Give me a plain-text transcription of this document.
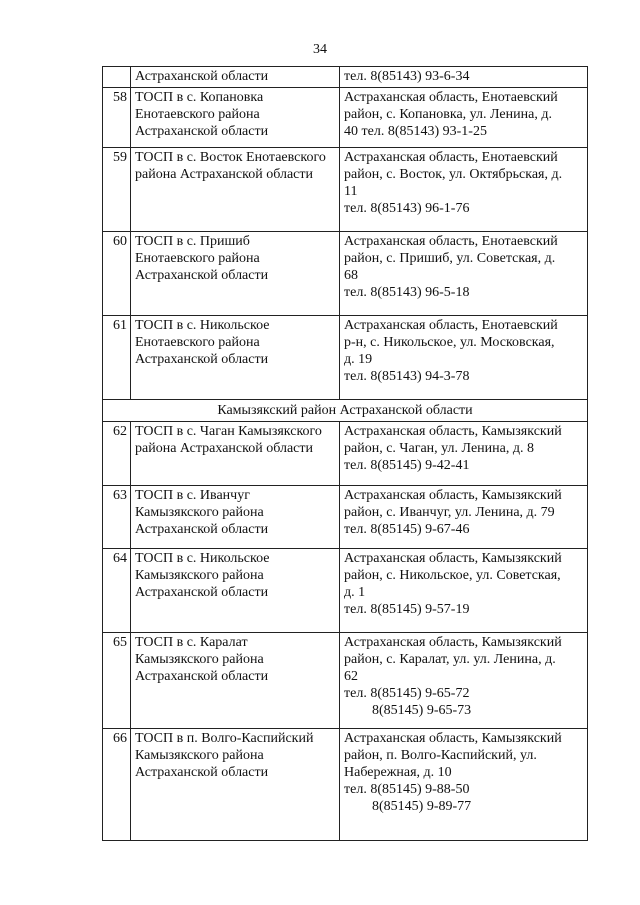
34

	Астраханской области	тел. 8(85143) 93-6-34

58	ТОСП в с. Копановка
Енотаевского района
Астраханской области	Астраханская область, Енотаевский
район, с. Копановка, ул. Ленина, д.
40 тел. 8(85143) 93-1-25

59	ТОСП в с. Восток Енотаевского
района Астраханской области	Астраханская область, Енотаевский
район, с. Восток, ул. Октябрьская, д.
11
тел. 8(85143) 96-1-76

60	ТОСП в с. Пришиб
Енотаевского района
Астраханской области	Астраханская область, Енотаевский
район, с. Пришиб, ул. Советская, д.
68
тел. 8(85143) 96-5-18

61	ТОСП в с. Никольское
Енотаевского района
Астраханской области	Астраханская область, Енотаевский
р-н, с. Никольское, ул. Московская,
д. 19
тел. 8(85143) 94-3-78

Камызякский район Астраханской области		
62	ТОСП в с. Чаган Камызякского
района Астраханской области	Астраханская область, Камызякский
район, с. Чаган, ул. Ленина, д. 8
тел. 8(85145) 9-42-41

63	ТОСП в с. Иванчуг
Камызякского района
Астраханской области	Астраханская область, Камызякский
район, с. Иванчуг, ул. Ленина, д. 79
тел. 8(85145) 9-67-46

64	ТОСП в с. Никольское
Камызякского района
Астраханской области	Астраханская область, Камызякский
район, с. Никольское, ул. Советская,
д. 1
тел. 8(85145) 9-57-19

65	ТОСП в с. Каралат
Камызякского района
Астраханской области	Астраханская область, Камызякский
район, с. Каралат, ул. ул. Ленина, д.
62
тел. 8(85145) 9-65-72
8(85145) 9-65-73

66	ТОСП в п. Волго-Каспийский
Камызякского района
Астраханской области	Астраханская область, Камызякский
район, п. Волго-Каспийский, ул.
Набережная, д. 10
тел. 8(85145) 9-88-50
8(85145) 9-89-77
